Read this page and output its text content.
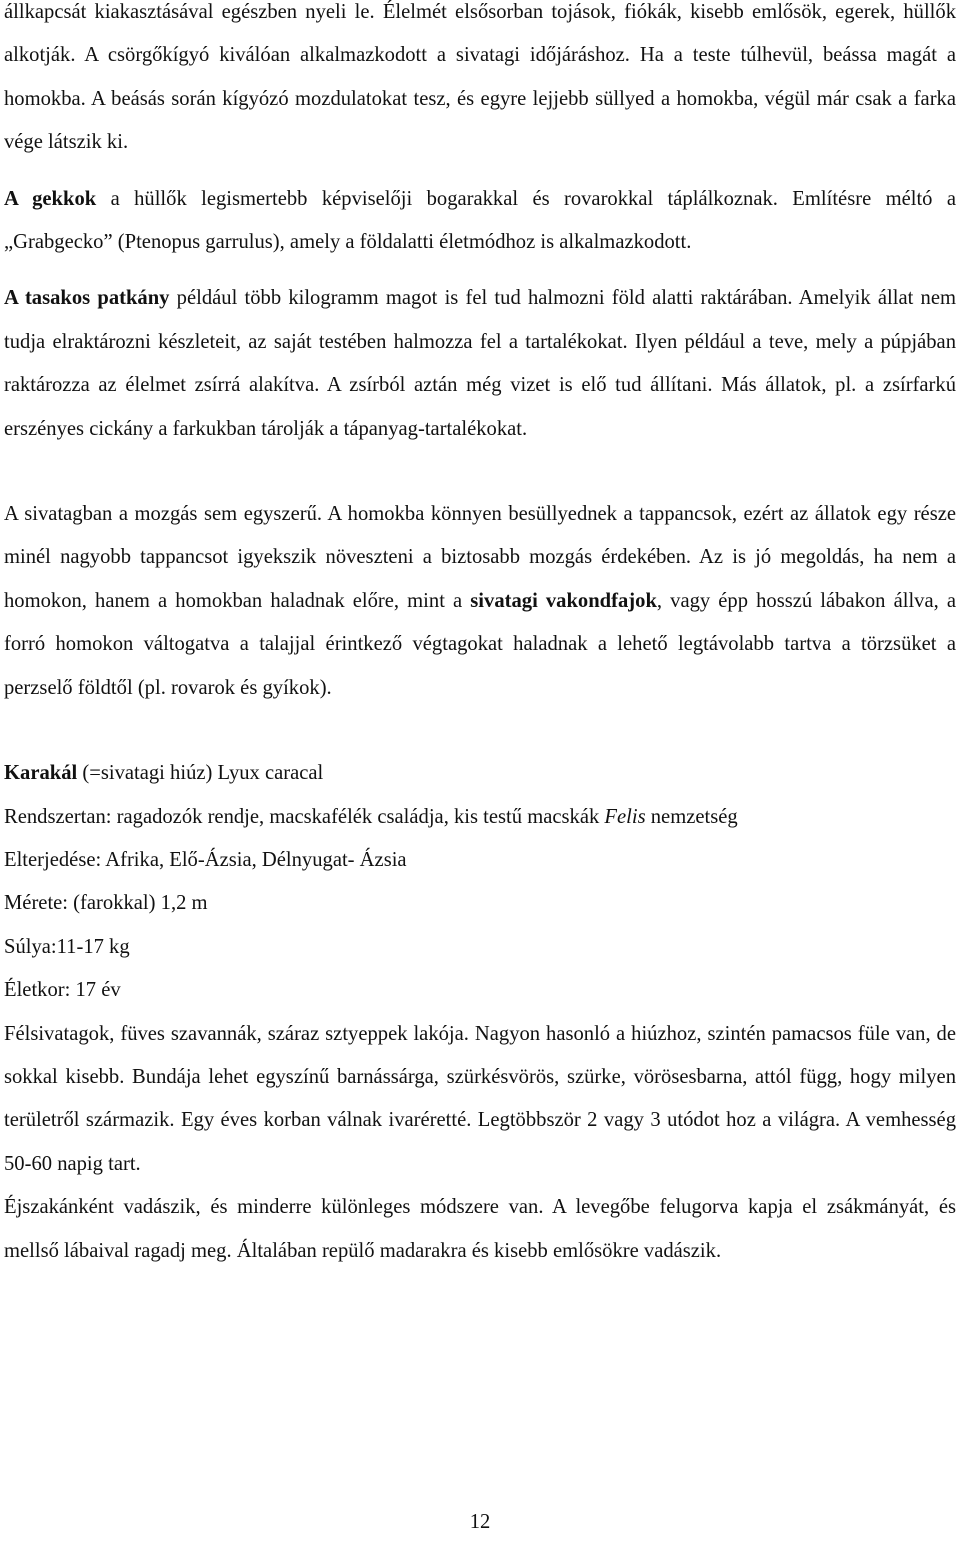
állkapcsát kiakasztásával egészben nyeli le. Élelmét elsősorban tojások, fiókák, kisebb emlősök, egerek, hüllők alkotják. A csörgőkígyó kiválóan alkalmazkodott a sivatagi időjáráshoz. Ha a teste túlhevül, beássa magát a homokba. A beásás során kígyózó mozdulatokat tesz, és egyre lejjebb süllyed a homokba, végül már csak a farka vége látszik ki.

A gekkok a hüllők legismertebb képviselőji bogarakkal és rovarokkal táplálkoznak. Említésre méltó a „Grabgecko” (Ptenopus garrulus), amely a földalatti életmódhoz is alkalmazkodott.

A tasakos patkány például több kilogramm magot is fel tud halmozni föld alatti raktárában. Amelyik állat nem tudja elraktározni készleteit, az saját testében halmozza fel a tartalékokat. Ilyen például a teve, mely a púpjában raktározza az élelmet zsírrá alakítva. A zsírból aztán még vizet is elő tud állítani. Más állatok, pl. a zsírfarkú erszényes cickány a farkukban tárolják a tápanyag-tartalékokat.

A sivatagban a mozgás sem egyszerű. A homokba könnyen besüllyednek a tappancsok, ezért az állatok egy része minél nagyobb tappancsot igyekszik növeszteni a biztosabb mozgás érdekében. Az is jó megoldás, ha nem a homokon, hanem a homokban haladnak előre, mint a sivatagi vakondfajok, vagy épp hosszú lábakon állva, a forró homokon váltogatva a talajjal érintkező végtagokat haladnak a lehető legtávolabb tartva a törzsüket a perzselő földtől (pl. rovarok és gyíkok).

Karakál (=sivatagi hiúz) Lyux caracal

Rendszertan: ragadozók rendje, macskafélék családja, kis testű macskák Felis nemzetség

Elterjedése: Afrika, Elő-Ázsia, Délnyugat- Ázsia

Mérete: (farokkal) 1,2 m

Súlya:11-17 kg

Életkor: 17 év

Félsivatagok, füves szavannák, száraz sztyeppek lakója. Nagyon hasonló a hiúzhoz, szintén pamacsos füle van, de sokkal kisebb. Bundája lehet egyszínű barnássárga, szürkésvörös, szürke, vörösesbarna, attól függ, hogy milyen területről származik. Egy éves korban válnak ivaréretté. Legtöbbször 2 vagy 3 utódot hoz a világra. A vemhesség 50-60 napig tart.

Éjszakánként vadászik, és minderre különleges módszere van. A levegőbe felugorva kapja el zsákmányát, és mellső lábaival ragadj meg. Általában repülő madarakra és kisebb emlősökre vadászik.

12
